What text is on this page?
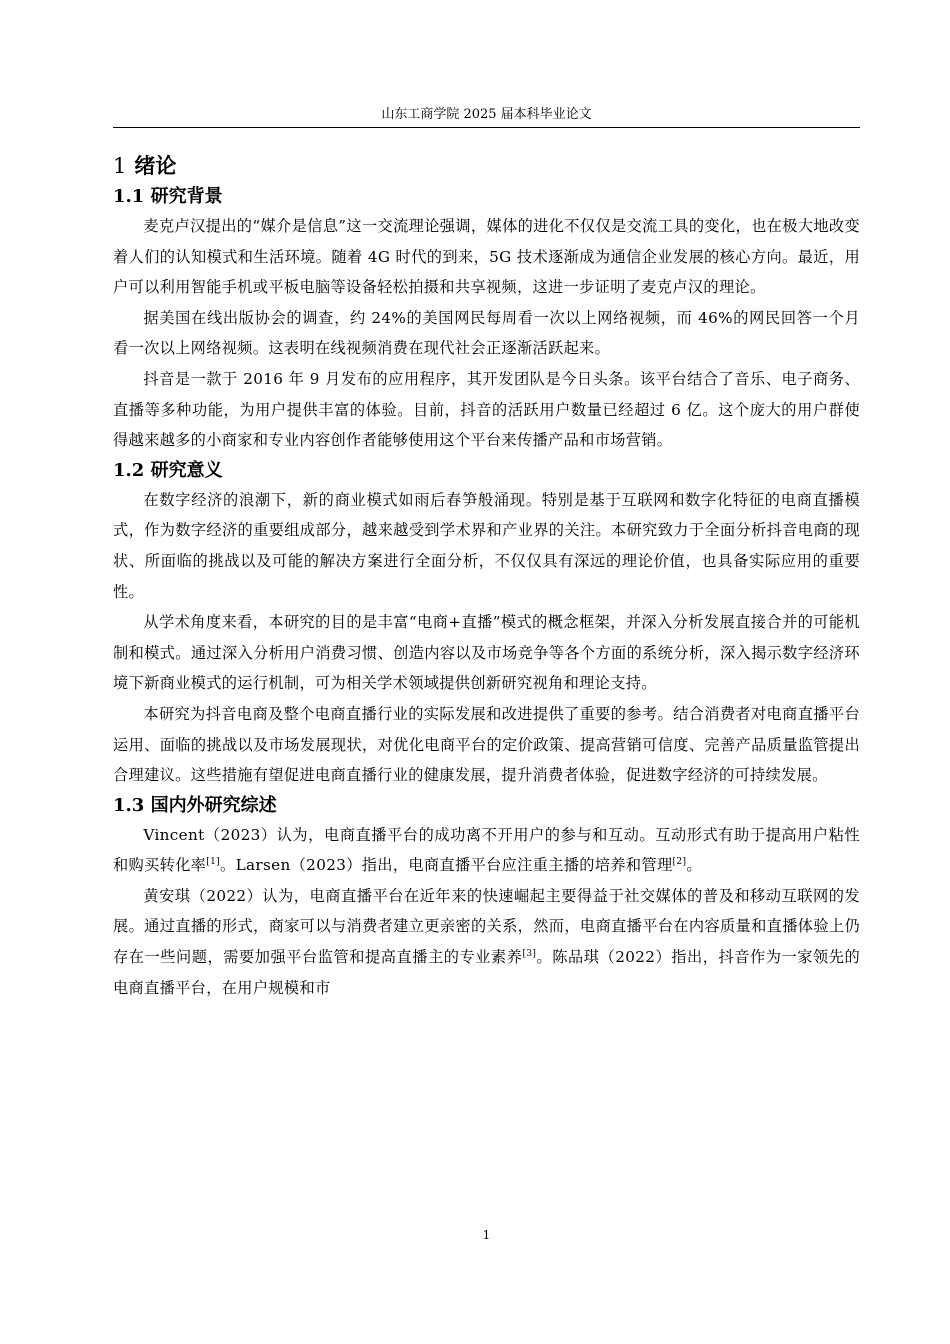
山东工商学院 2025 届本科毕业论文
1 绪论
1.1 研究背景

麦克卢汉提出的“媒介是信息”这一交流理论强调，媒体的进化不仅仅是交流工具的变化，也在极大地改变着人们的认知模式和生活环境。随着 4G 时代的到来，5G 技术逐渐成为通信企业发展的核心方向。最近，用户可以利用智能手机或平板电脑等设备轻松拍摄和共享视频，这进一步证明了麦克卢汉的理论。

据美国在线出版协会的调查，约 24%的美国网民每周看一次以上网络视频，而 46%的网民回答一个月看一次以上网络视频。这表明在线视频消费在现代社会正逐渐活跃起来。

抖音是一款于 2016 年 9 月发布的应用程序，其开发团队是今日头条。该平台结合了音乐、电子商务、直播等多种功能，为用户提供丰富的体验。目前，抖音的活跃用户数量已经超过 6 亿。这个庞大的用户群使得越来越多的小商家和专业内容创作者能够使用这个平台来传播产品和市场营销。

1.2 研究意义

在数字经济的浪潮下，新的商业模式如雨后春笋般涌现。特别是基于互联网和数字化特征的电商直播模式，作为数字经济的重要组成部分，越来越受到学术界和产业界的关注。本研究致力于全面分析抖音电商的现状、所面临的挑战以及可能的解决方案进行全面分析，不仅仅具有深远的理论价值，也具备实际应用的重要性。

从学术角度来看，本研究的目的是丰富“电商+直播”模式的概念框架，并深入分析发展直接合并的可能机制和模式。通过深入分析用户消费习惯、创造内容以及市场竞争等各个方面的系统分析，深入揭示数字经济环境下新商业模式的运行机制，可为相关学术领域提供创新研究视角和理论支持。

本研究为抖音电商及整个电商直播行业的实际发展和改进提供了重要的参考。结合消费者对电商直播平台运用、面临的挑战以及市场发展现状，对优化电商平台的定价政策、提高营销可信度、完善产品质量监管提出合理建议。这些措施有望促进电商直播行业的健康发展，提升消费者体验，促进数字经济的可持续发展。

1.3 国内外研究综述

Vincent（2023）认为，电商直播平台的成功离不开用户的参与和互动。互动形式有助于提高用户粘性和购买转化率[1]。Larsen（2023）指出，电商直播平台应注重主播的培养和管理[2]。

黄安琪（2022）认为，电商直播平台在近年来的快速崛起主要得益于社交媒体的普及和移动互联网的发展。通过直播的形式，商家可以与消费者建立更亲密的关系，然而，电商直播平台在内容质量和直播体验上仍存在一些问题，需要加强平台监管和提高直播主的专业素养[3]。陈品琪（2022）指出，抖音作为一家领先的电商直播平台，在用户规模和市

1
